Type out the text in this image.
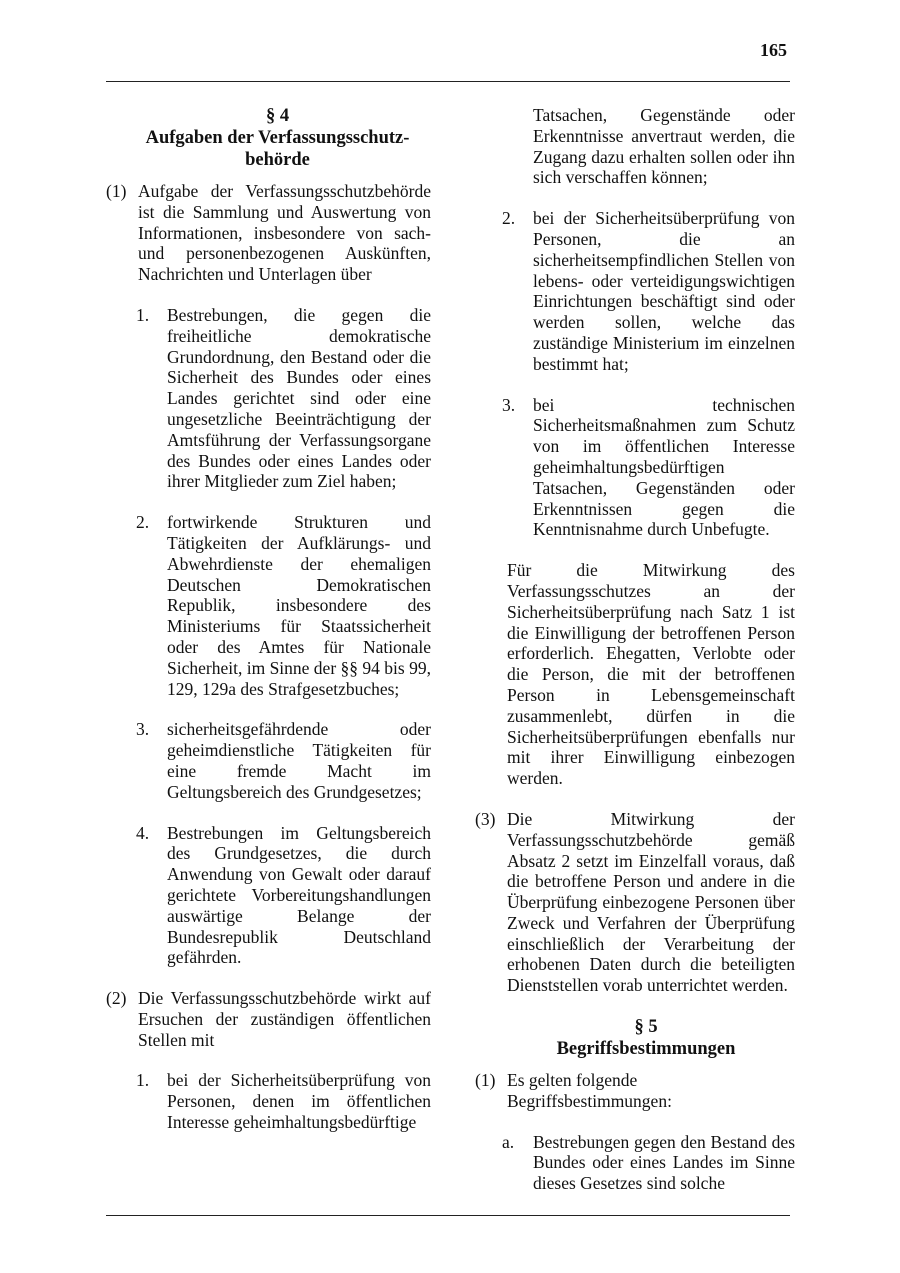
165

§ 4

Aufgaben der Verfassungsschutz-behörde

(1) Aufgabe der Verfassungsschutzbehörde ist die Sammlung und Auswertung von Informationen, insbesondere von sach- und personenbezogenen Auskünften, Nachrichten und Unterlagen über
1.	Bestrebungen, die gegen die freiheitliche demokratische Grundordnung, den Bestand oder die Sicherheit des Bundes oder eines Landes gerichtet sind oder eine ungesetzliche Beeinträchtigung der Amtsführung der Verfassungsorgane des Bundes oder eines Landes oder ihrer Mitglieder zum Ziel haben;
2.	fortwirkende Strukturen und Tätigkeiten der Aufklärungs- und Abwehrdienste der ehemaligen Deutschen Demokratischen Republik, insbesondere des Ministeriums für Staatssicherheit oder des Amtes für Nationale Sicherheit, im Sinne der §§ 94 bis 99, 129, 129a des Strafgesetzbuches;
3.	sicherheitsgefährdende oder geheimdienstliche Tätigkeiten für eine fremde Macht im Geltungsbereich des Grundgesetzes;
4.	Bestrebungen im Geltungsbereich des Grundgesetzes, die durch Anwendung von Gewalt oder darauf gerichtete Vorbereitungshandlungen auswärtige Belange der Bundesrepublik Deutschland gefährden.
(2) Die Verfassungsschutzbehörde wirkt auf Ersuchen der zuständigen öffentlichen Stellen mit
1.	bei der Sicherheitsüberprüfung von Personen, denen im öffentlichen Interesse geheimhaltungsbedürftige
Tatsachen, Gegenstände oder Erkenntnisse anvertraut werden, die Zugang dazu erhalten sollen oder ihn sich verschaffen können;
2.	bei der Sicherheitsüberprüfung von Personen, die an sicherheitsempfindlichen Stellen von lebens- oder verteidigungswichtigen Einrichtungen beschäftigt sind oder werden sollen, welche das zuständige Ministerium im einzelnen bestimmt hat;
3.	bei technischen Sicherheitsmaßnahmen zum Schutz von im öffentlichen Interesse geheimhaltungsbedürftigen Tatsachen, Gegenständen oder Erkenntnissen gegen die Kenntnisnahme durch Unbefugte.
Für die Mitwirkung des Verfassungsschutzes an der Sicherheitsüberprüfung nach Satz 1 ist die Einwilligung der betroffenen Person erforderlich. Ehegatten, Verlobte oder die Person, die mit der betroffenen Person in Lebensgemeinschaft zusammenlebt, dürfen in die Sicherheitsüberprüfungen ebenfalls nur mit ihrer Einwilligung einbezogen werden.
(3) Die Mitwirkung der Verfassungsschutzbehörde gemäß Absatz 2 setzt im Einzelfall voraus, daß die betroffene Person und andere in die Überprüfung einbezogene Personen über Zweck und Verfahren der Überprüfung einschließlich der Verarbeitung der erhobenen Daten durch die beteiligten Dienststellen vorab unterrichtet werden.

§ 5

Begriffsbestimmungen

(1) Es gelten folgende Begriffsbestimmungen:
a.	Bestrebungen gegen den Bestand des Bundes oder eines Landes im Sinne dieses Gesetzes sind solche
